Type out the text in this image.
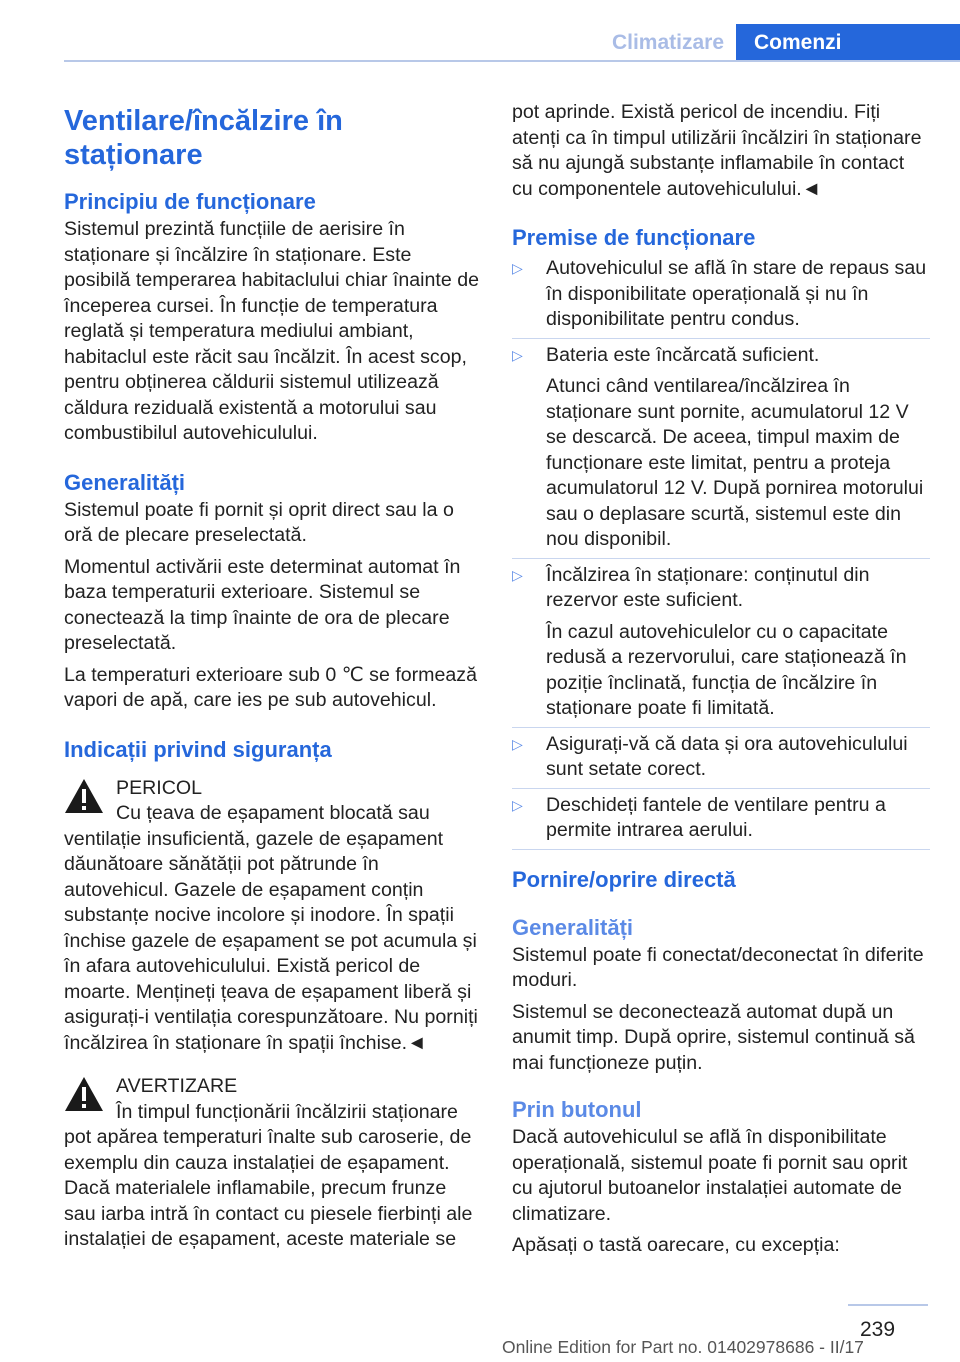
Climatizare	Comenzi
Ventilare/încălzire în staționare
Principiu de funcționare

Sistemul prezintă funcțiile de aerisire în staționare și încălzire în staționare. Este posibilă temperarea habitaclului chiar înainte de începerea cursei. În funcție de temperatura reglată și temperatura mediului ambiant, habitaclul este răcit sau încălzit. În acest scop, pentru obținerea căldurii sistemul utilizează căldura reziduală existentă a motorului sau combustibilul autovehiculului.

Generalități

Sistemul poate fi pornit și oprit direct sau la o oră de plecare preselectată.

Momentul activării este determinat automat în baza temperaturii exterioare. Sistemul se conectează la timp înainte de ora de plecare preselectată.

La temperaturi exterioare sub 0 ℃ se formează vapori de apă, care ies pe sub autovehicul.

Indicații privind siguranța
PERICOL

Cu țeava de eșapament blocată sau ventilație insuficientă, gazele de eșapament dăunătoare sănătății pot pătrunde în autovehicul. Gazele de eșapament conțin substanțe nocive incolore și inodore. În spații închise gazele de eșapament se pot acumula și în afara autovehiculului. Există pericol de moarte. Mențineți țeava de eșapament liberă și asigurați-i ventilația corespunzătoare. Nu porniți încălzirea în staționare în spații închise.◄

AVERTIZARE

În timpul funcționării încălzirii staționare pot apărea temperaturi înalte sub caroserie, de exemplu din cauza instalației de eșapament. Dacă materialele inflamabile, precum frunze sau iarba intră în contact cu piesele fierbinți ale instalației de eșapament, aceste materiale se

pot aprinde. Există pericol de incendiu. Fiți atenți ca în timpul utilizării încălziri în staționare să nu ajungă substanțe inflamabile în contact cu componentele autovehiculului.◄

Premise de funcționare
▷ Autovehiculul se află în stare de repaus sau în disponibilitate operațională și nu în disponibilitate pentru condus.

▷ Bateria este încărcată suficient.

Atunci când ventilarea/încălzirea în staționare sunt pornite, acumulatorul 12 V se descarcă. De aceea, timpul maxim de funcționare este limitat, pentru a proteja acumulatorul 12 V. După pornirea motorului sau o deplasare scurtă, sistemul este din nou disponibil.

▷ Încălzirea în staționare: conținutul din rezervor este suficient.

În cazul autovehiculelor cu o capacitate redusă a rezervorului, care staționează în poziție înclinată, funcția de încălzire în staționare poate fi limitată.

▷ Asigurați-vă că data și ora autovehiculului sunt setate corect.

▷ Deschideți fantele de ventilare pentru a permite intrarea aerului.

Pornire/oprire directă
Generalități

Sistemul poate fi conectat/deconectat în diferite moduri.

Sistemul se deconectează automat după un anumit timp. După oprire, sistemul continuă să mai funcționeze puțin.

Prin butonul

Dacă autovehiculul se află în disponibilitate operațională, sistemul poate fi pornit sau oprit cu ajutorul butoanelor instalației automate de climatizare.

Apăsați o tastă oarecare, cu excepția:

239
Online Edition for Part no. 01402978686 - II/17
